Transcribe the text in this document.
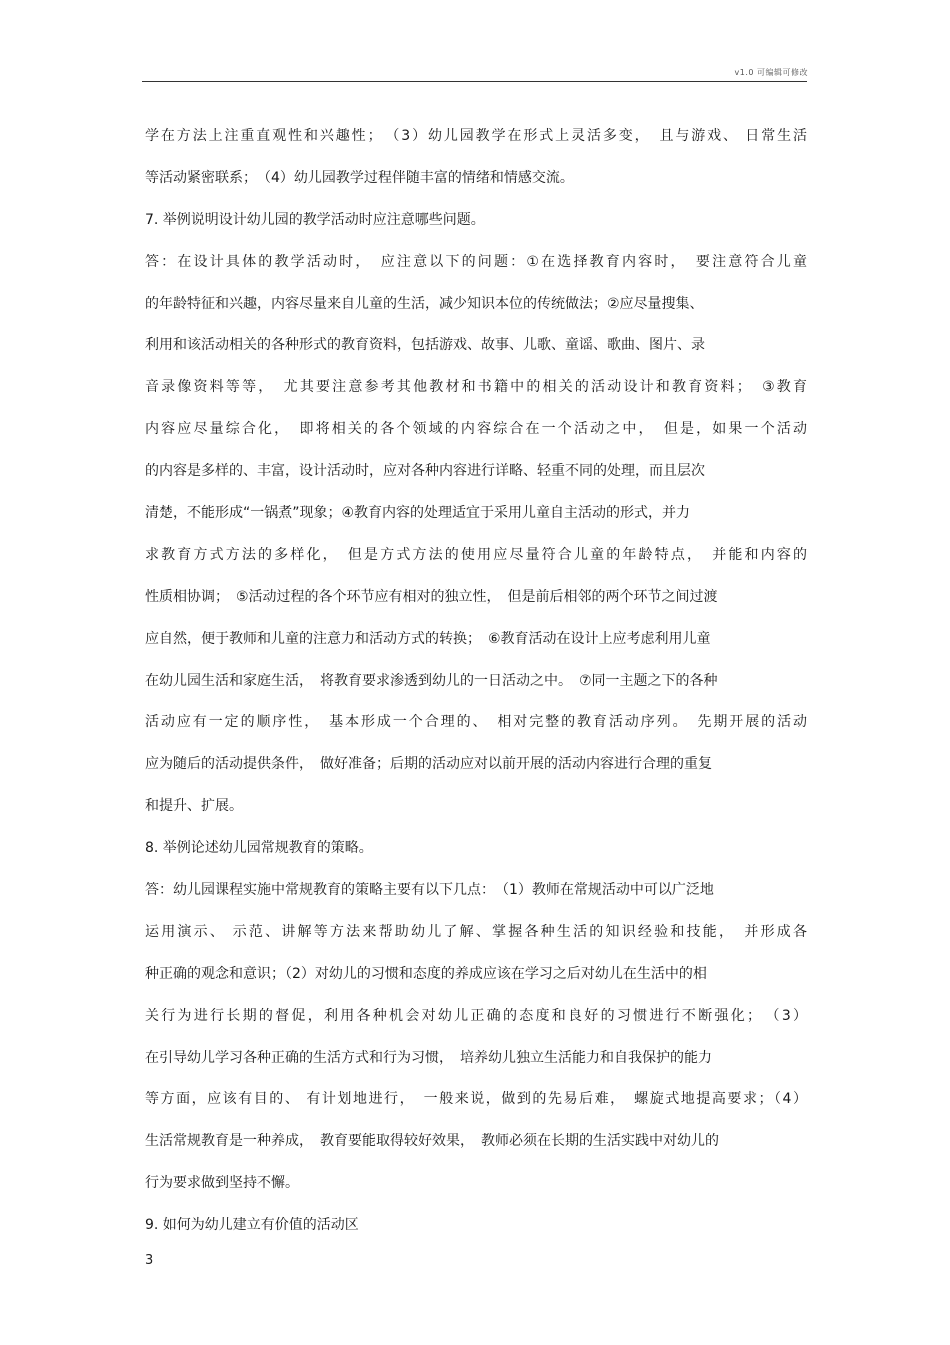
v1.0 可编辑可修改
学在方法上注重直观性和兴趣性；　（3）幼儿园教学在形式上灵活多变，　且与游戏、 日常生活
等活动紧密联系；　（4）幼儿园教学过程伴随丰富的情绪和情感交流。
7. 举例说明设计幼儿园的教学活动时应注意哪些问题。
答：在设计具体的教学活动时，　应注意以下的问题：①在选择教育内容时，　要注意符合儿童
的年龄特征和兴趣，内容尽量来自儿童的生活，减少知识本位的传统做法；②应尽量搜集、
利用和该活动相关的各种形式的教育资料，包括游戏、故事、儿歌、童谣、歌曲、图片、录
音录像资料等等，　尤其要注意参考其他教材和书籍中的相关的活动设计和教育资料；　③教育
内容应尽量综合化，　即将相关的各个领域的内容综合在一个活动之中，　但是，如果一个活动
的内容是多样的、丰富，设计活动时，应对各种内容进行详略、轻重不同的处理，而且层次
清楚，不能形成“一锅煮”现象；④教育内容的处理适宜于采用儿童自主活动的形式，并力
求教育方式方法的多样化，　但是方式方法的使用应尽量符合儿童的年龄特点，　并能和内容的
性质相协调；　⑤活动过程的各个环节应有相对的独立性，　但是前后相邻的两个环节之间过渡
应自然，便于教师和儿童的注意力和活动方式的转换；　⑥教育活动在设计上应考虑利用儿童
在幼儿园生活和家庭生活，　将教育要求渗透到幼儿的一日活动之中。　⑦同一主题之下的各种
活动应有一定的顺序性，　基本形成一个合理的、　相对完整的教育活动序列。　先期开展的活动
应为随后的活动提供条件，　做好准备；后期的活动应对以前开展的活动内容进行合理的重复
和提升、扩展。
8. 举例论述幼儿园常规教育的策略。
答：幼儿园课程实施中常规教育的策略主要有以下几点：　（1）教师在常规活动中可以广泛地
运用演示、 示范、讲解等方法来帮助幼儿了解、掌握各种生活的知识经验和技能，　并形成各
种正确的观念和意识；（2）对幼儿的习惯和态度的养成应该在学习之后对幼儿在生活中的相
关行为进行长期的督促，利用各种机会对幼儿正确的态度和良好的习惯进行不断强化；　（3）
在引导幼儿学习各种正确的生活方式和行为习惯，　培养幼儿独立生活能力和自我保护的能力
等方面，应该有目的、 有计划地进行，　一般来说，做到的先易后难，　螺旋式地提高要求；（4）
生活常规教育是一种养成，　教育要能取得较好效果，　教师必须在长期的生活实践中对幼儿的
行为要求做到坚持不懈。
9. 如何为幼儿建立有价值的活动区
3
